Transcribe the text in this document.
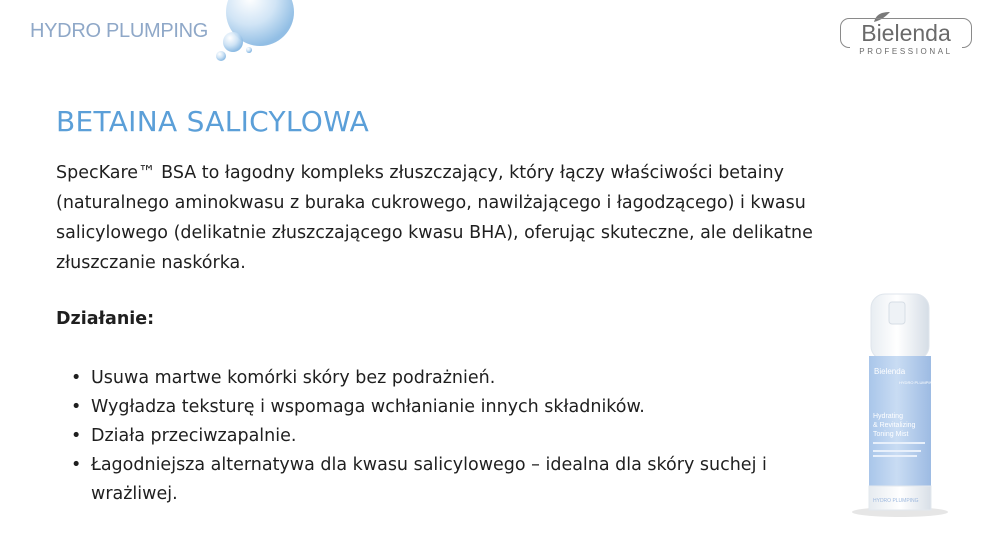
HYDRO PLUMPING	Bielenda
PROFESSIONAL
BETAINA SALICYLOWA

SpecKare™ BSA to łagodny kompleks złuszczający, który łączy właściwości betainy (naturalnego aminokwasu z buraka cukrowego, nawilżającego i łagodzącego) i kwasu salicylowego (delikatnie złuszczającego kwasu BHA), oferując skuteczne, ale delikatne złuszczanie naskórka.

Działanie:

• Usuwa martwe komórki skóry bez podrażnień.
• Wygładza teksturę i wspomaga wchłanianie innych składników.
• Działa przeciwzapalnie.
• Łagodniejsza alternatywa dla kwasu salicylowego – idealna dla skóry suchej i wrażliwej.
Bielenda
HYDRO PLUMPING
Hydrating
& Revitalizing
Toning Mist
HYDRO PLUMPING
